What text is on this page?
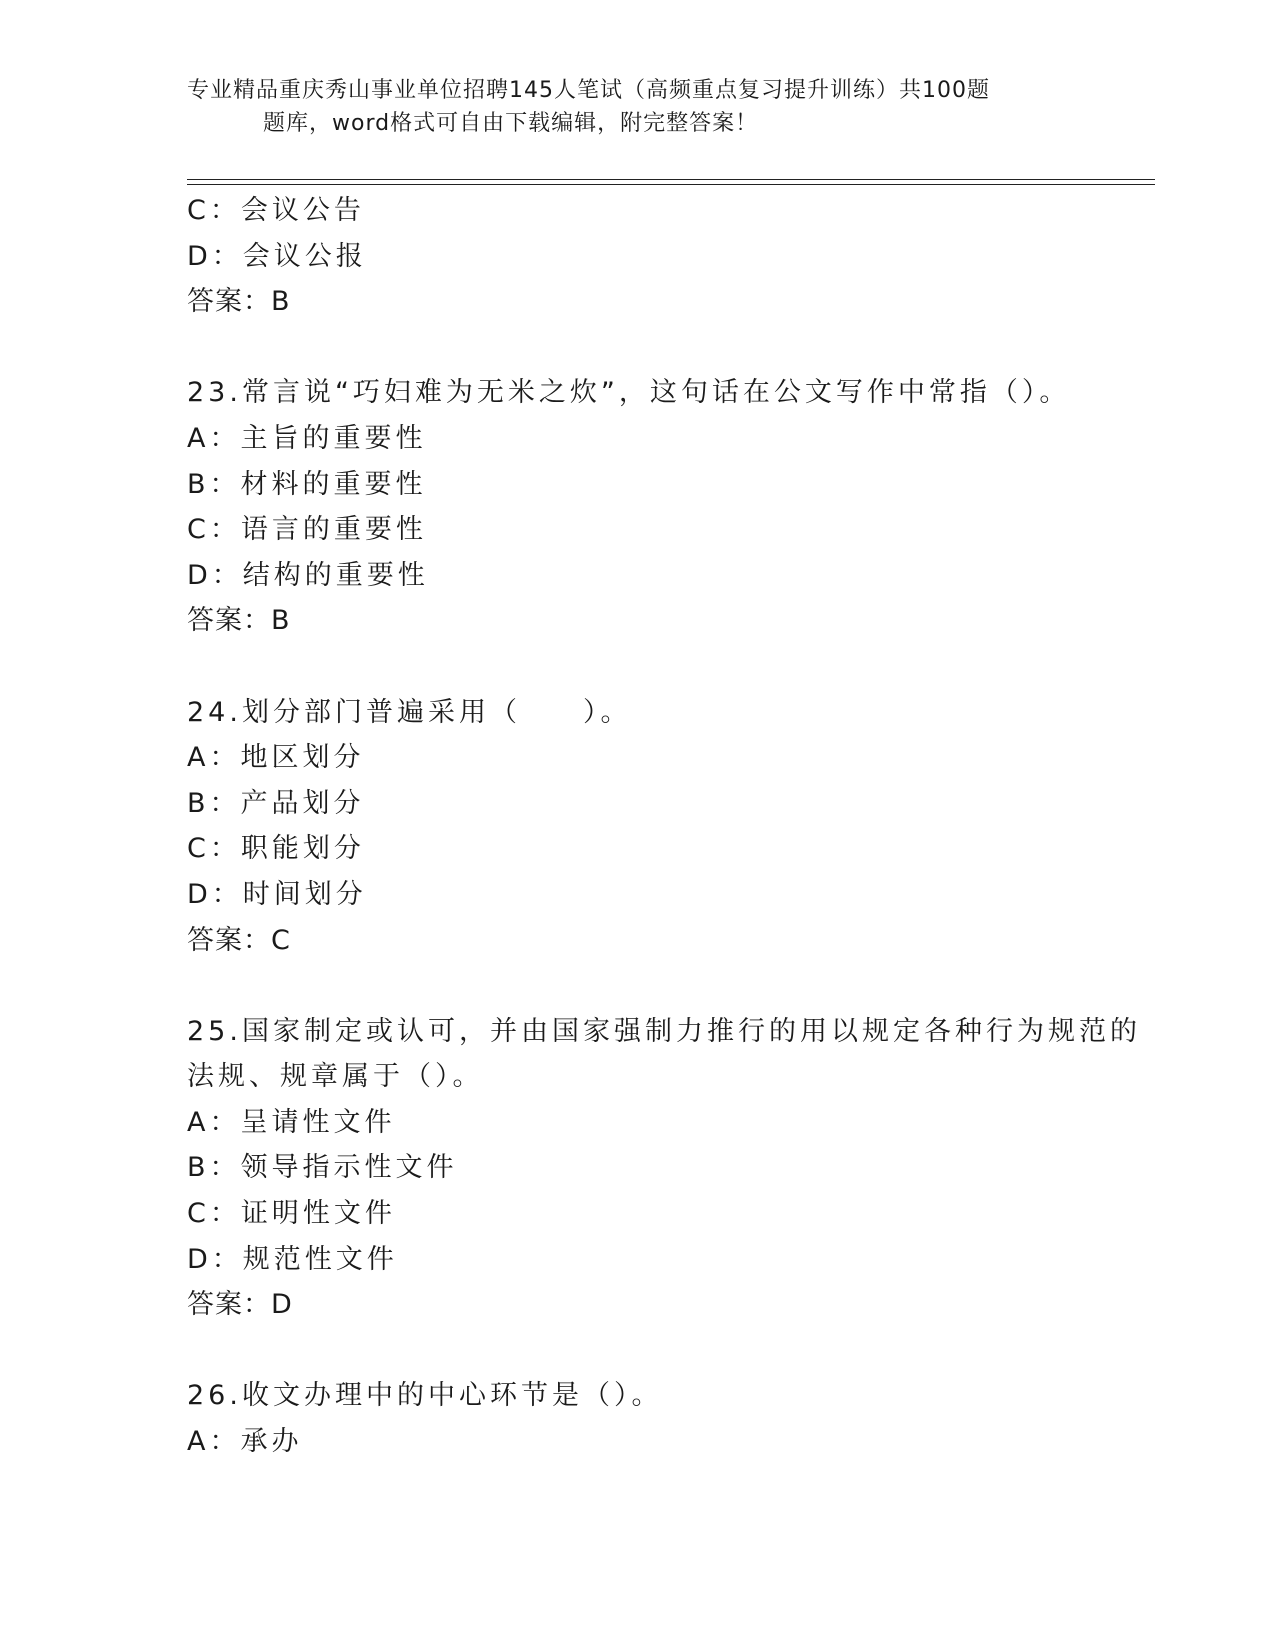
专业精品重庆秀山事业单位招聘145人笔试（高频重点复习提升训练）共100题
题库，word格式可自由下载编辑，附完整答案！
C：会议公告
D：会议公报
答案：B
23.常言说“巧妇难为无米之炊”，这句话在公文写作中常指（）。
A：主旨的重要性
B：材料的重要性
C：语言的重要性
D：结构的重要性
答案：B
24.划分部门普遍采用（　　）。
A：地区划分
B：产品划分
C：职能划分
D：时间划分
答案：C
25.国家制定或认可，并由国家强制力推行的用以规定各种行为规范的
法规、规章属于（）。
A：呈请性文件
B：领导指示性文件
C：证明性文件
D：规范性文件
答案：D
26.收文办理中的中心环节是（）。
A：承办
